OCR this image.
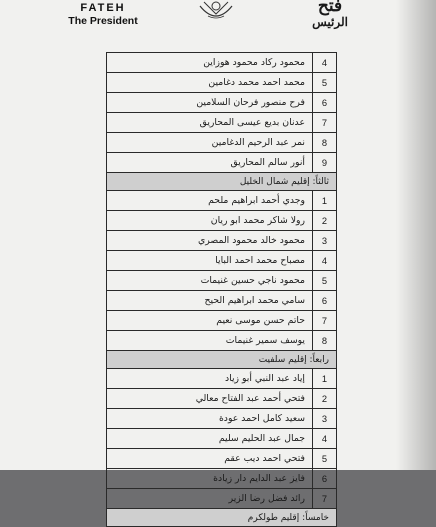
FATEH
The President
فتح
الرئيس
محمود ركاد محمود هوزاين	4
محمد احمد محمد دغامين	5
فرح منصور فرحان السلامين	6
عدنان بديع عيسى المحاريق	7
نمر عبد الرحيم الدغامين	8
أنور سالم المحاريق	9
ثالثاً: إقليم شمال الخليل	
وجدي أحمد ابراهيم ملحم	1
رولا شاكر محمد ابو ريان	2
محمود خالد محمود المصري	3
مصباح محمد احمد البايا	4
محمود ناجي حسين غنيمات	5
سامي محمد ابراهيم الحيح	6
حاتم حسن موسى نعيم	7
يوسف سمير غنيمات	8
رابعاً: إقليم سلفيت	
إياد عبد النبي أبو زياد	1
فتحي أحمد عبد الفتاح معالي	2
سعيد كامل احمد عودة	3
جمال عبد الحليم سليم	4
فتحي احمد ديب عقم	5
فايز عبد الدايم دار زيادة	6
رائد فضل رضا الزير	7
خامساً: إقليم طولكرم	
